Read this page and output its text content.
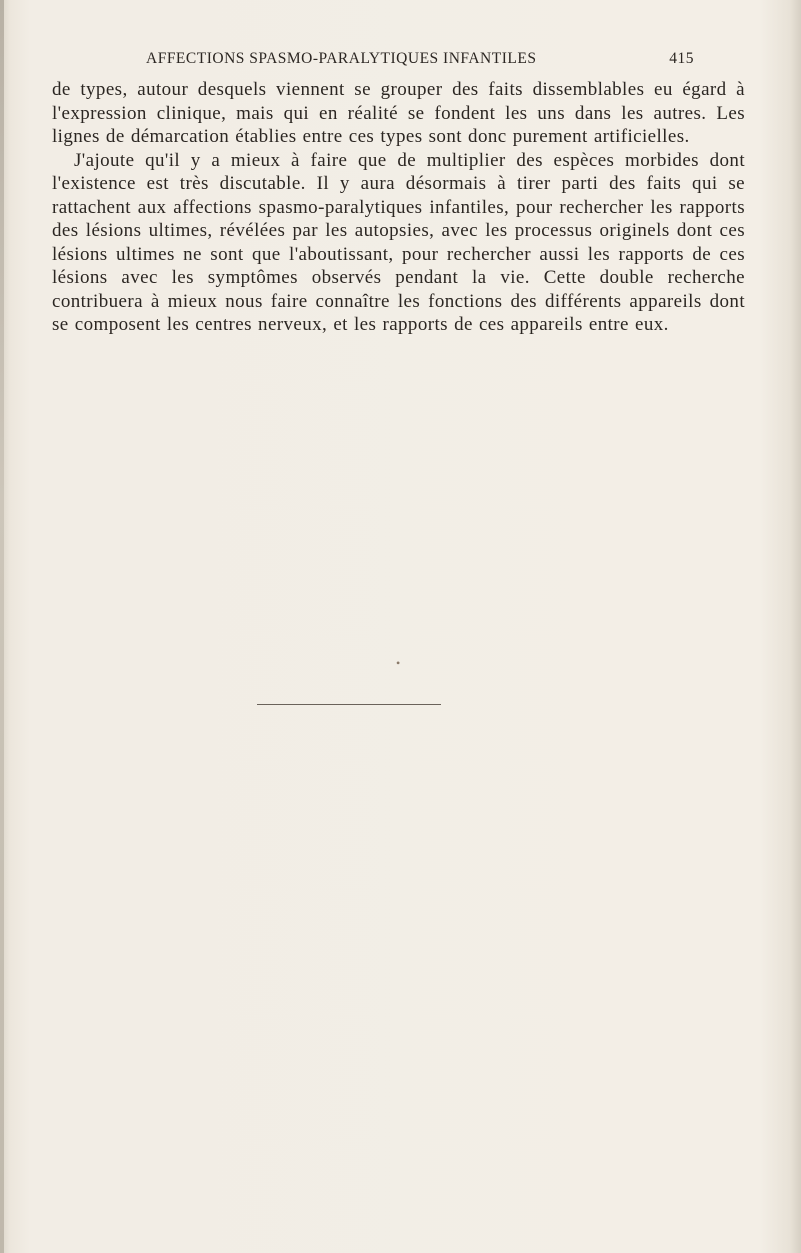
AFFECTIONS SPASMO-PARALYTIQUES INFANTILES	415

de types, autour desquels viennent se grouper des faits dissemblables eu égard à l'expression clinique, mais qui en réalité se fondent les uns dans les autres. Les lignes de démarcation établies entre ces types sont donc purement artificielles.

J'ajoute qu'il y a mieux à faire que de multiplier des espèces morbides dont l'existence est très discutable. Il y aura désormais à tirer parti des faits qui se rattachent aux affections spasmo-paralytiques infantiles, pour rechercher les rapports des lésions ultimes, révélées par les autopsies, avec les processus originels dont ces lésions ultimes ne sont que l'aboutissant, pour rechercher aussi les rapports de ces lésions avec les symptômes observés pendant la vie. Cette double recherche contribuera à mieux nous faire connaître les fonctions des différents appareils dont se composent les centres nerveux, et les rapports de ces appareils entre eux.

•
